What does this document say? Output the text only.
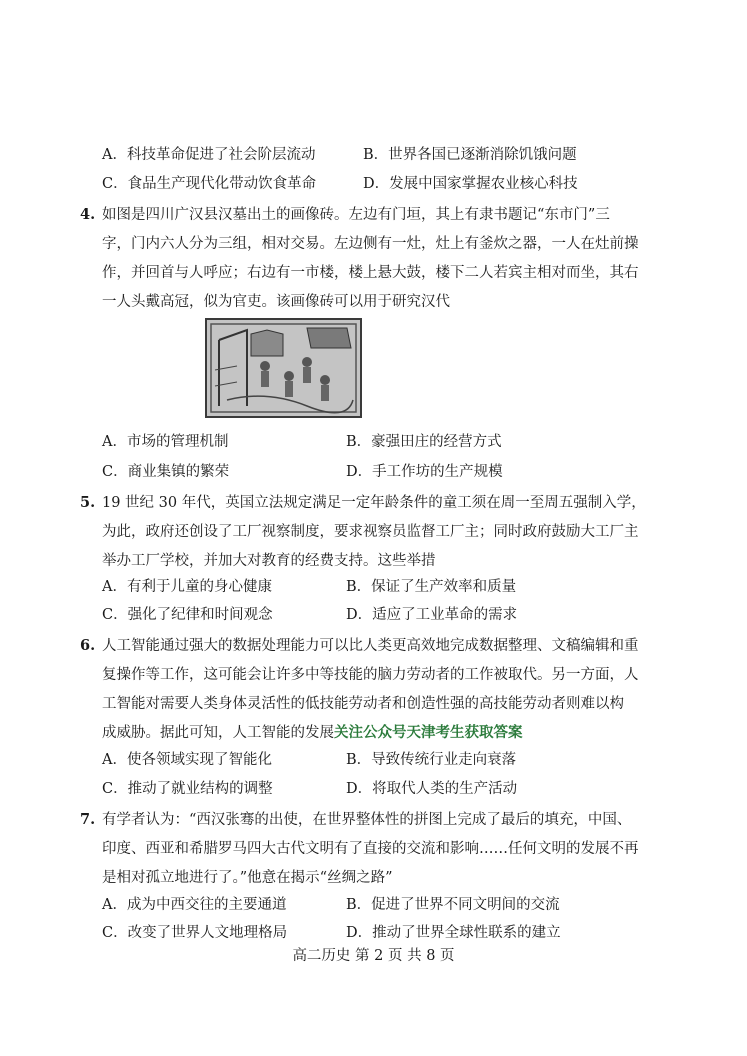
A．科技革命促进了社会阶层流动	B．世界各国已逐渐消除饥饿问题
C．食品生产现代化带动饮食革命	D．发展中国家掌握农业核心科技
4. 如图是四川广汉县汉墓出土的画像砖。左边有门垣，其上有隶书题记“东市门”三
字，门内六人分为三组，相对交易。左边侧有一灶，灶上有釜炊之器，一人在灶前操
作，并回首与人呼应；右边有一市楼，楼上悬大鼓，楼下二人若宾主相对而坐，其右
一人头戴高冠，似为官吏。该画像砖可以用于研究汉代
A．市场的管理机制	B．豪强田庄的经营方式
C．商业集镇的繁荣	D．手工作坊的生产规模
5. 19 世纪 30 年代，英国立法规定满足一定年龄条件的童工须在周一至周五强制入学，
为此，政府还创设了工厂视察制度，要求视察员监督工厂主；同时政府鼓励大工厂主
举办工厂学校，并加大对教育的经费支持。这些举措
A．有利于儿童的身心健康	B．保证了生产效率和质量
C．强化了纪律和时间观念	D．适应了工业革命的需求
6. 人工智能通过强大的数据处理能力可以比人类更高效地完成数据整理、文稿编辑和重
复操作等工作，这可能会让许多中等技能的脑力劳动者的工作被取代。另一方面，人
工智能对需要人类身体灵活性的低技能劳动者和创造性强的高技能劳动者则难以构
成威胁。据此可知，人工智能的发展关注公众号天津考生获取答案
A．使各领域实现了智能化	B．导致传统行业走向衰落
C．推动了就业结构的调整	D．将取代人类的生产活动
7. 有学者认为：“西汉张骞的出使，在世界整体性的拼图上完成了最后的填充，中国、
印度、西亚和希腊罗马四大古代文明有了直接的交流和影响……任何文明的发展不再
是相对孤立地进行了。”他意在揭示“丝绸之路”
A．成为中西交往的主要通道	B．促进了世界不同文明间的交流
C．改变了世界人文地理格局	D．推动了世界全球性联系的建立
高二历史 第 2 页 共 8 页
